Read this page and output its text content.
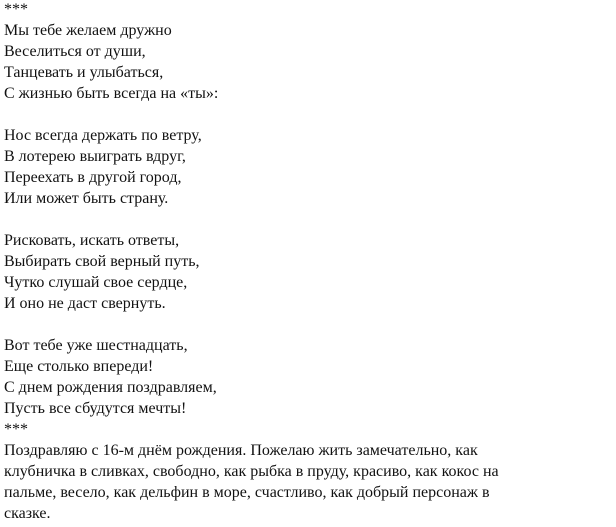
***
Мы тебе желаем дружно
Веселиться от души,
Танцевать и улыбаться,
С жизнью быть всегда на «ты»:
Нос всегда держать по ветру,
В лотерею выиграть вдруг,
Переехать в другой город,
Или может быть страну.
Рисковать, искать ответы,
Выбирать свой верный путь,
Чутко слушай свое сердце,
И оно не даст свернуть.
Вот тебе уже шестнадцать,
Еще столько впереди!
С днем рождения поздравляем,
Пусть все сбудутся мечты!
***
Поздравляю с 16-м днём рождения. Пожелаю жить замечательно, как
клубничка в сливках, свободно, как рыбка в пруду, красиво, как кокос на
пальме, весело, как дельфин в море, счастливо, как добрый персонаж в
сказке.
